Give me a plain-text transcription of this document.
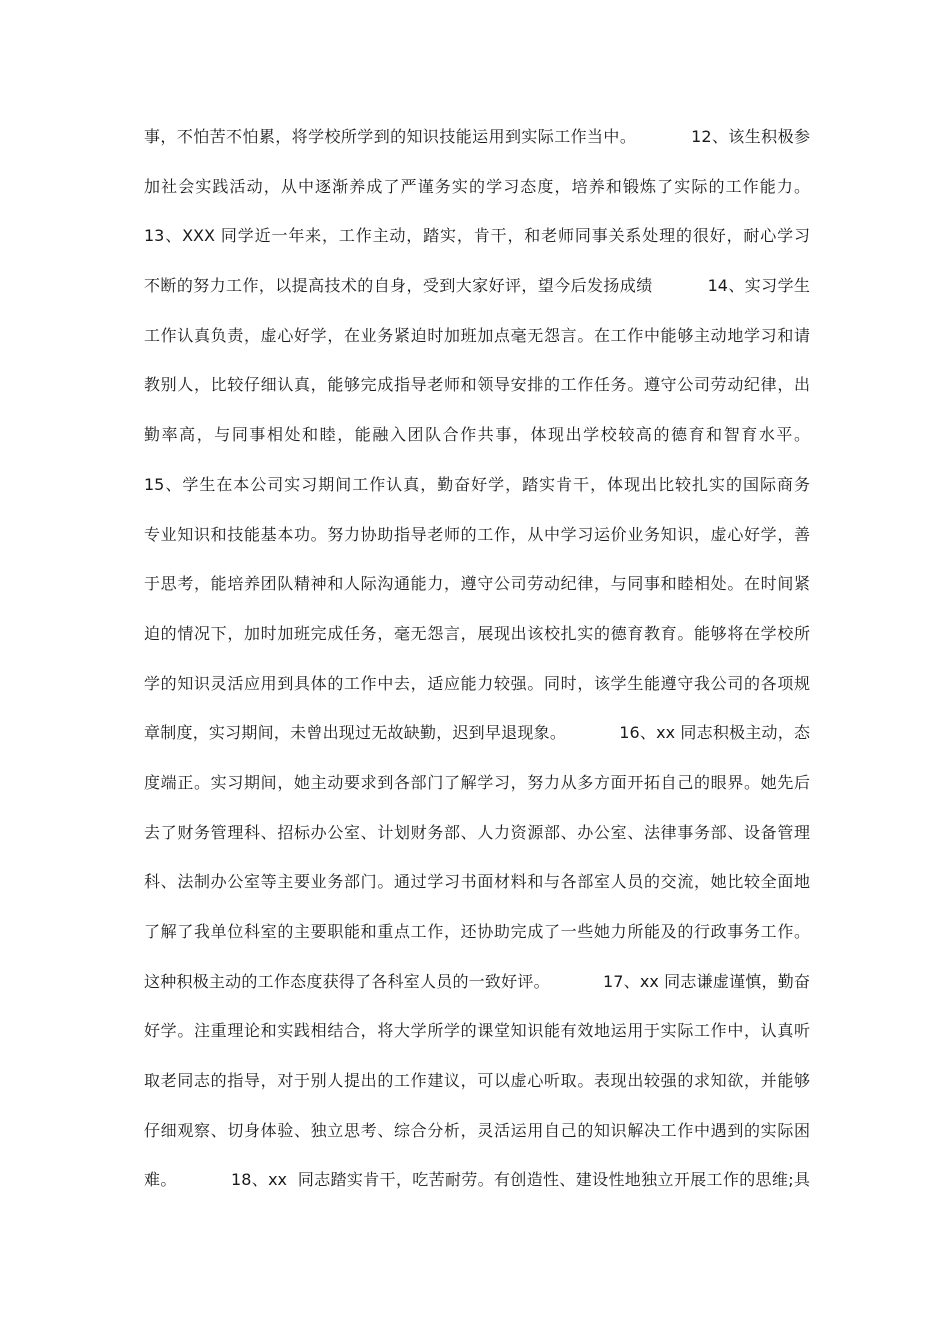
事，不怕苦不怕累，将学校所学到的知识技能运用到实际工作当中。          12、该生积极参
加社会实践活动，从中逐渐养成了严谨务实的学习态度，培养和锻炼了实际的工作能力。
13、XXX 同学近一年来，工作主动，踏实，肯干，和老师同事关系处理的很好，耐心学习
不断的努力工作，以提高技术的自身，受到大家好评，望今后发扬成绩          14、实习学生
工作认真负责，虚心好学，在业务紧迫时加班加点毫无怨言。在工作中能够主动地学习和请
教别人，比较仔细认真，能够完成指导老师和领导安排的工作任务。遵守公司劳动纪律，出
勤率高，与同事相处和睦，能融入团队合作共事，体现出学校较高的德育和智育水平。
15、学生在本公司实习期间工作认真，勤奋好学，踏实肯干，体现出比较扎实的国际商务
专业知识和技能基本功。努力协助指导老师的工作，从中学习运价业务知识，虚心好学，善
于思考，能培养团队精神和人际沟通能力，遵守公司劳动纪律，与同事和睦相处。在时间紧
迫的情况下，加时加班完成任务，毫无怨言，展现出该校扎实的德育教育。能够将在学校所
学的知识灵活应用到具体的工作中去，适应能力较强。同时，该学生能遵守我公司的各项规
章制度，实习期间，未曾出现过无故缺勤，迟到早退现象。          16、xx 同志积极主动，态
度端正。实习期间，她主动要求到各部门了解学习，努力从多方面开拓自己的眼界。她先后
去了财务管理科、招标办公室、计划财务部、人力资源部、办公室、法律事务部、设备管理
科、法制办公室等主要业务部门。通过学习书面材料和与各部室人员的交流，她比较全面地
了解了我单位科室的主要职能和重点工作，还协助完成了一些她力所能及的行政事务工作。
这种积极主动的工作态度获得了各科室人员的一致好评。          17、xx 同志谦虚谨慎，勤奋
好学。注重理论和实践相结合，将大学所学的课堂知识能有效地运用于实际工作中，认真听
取老同志的指导，对于别人提出的工作建议，可以虚心听取。表现出较强的求知欲，并能够
仔细观察、切身体验、独立思考、综合分析，灵活运用自己的知识解决工作中遇到的实际困
难。          18、xx  同志踏实肯干，吃苦耐劳。有创造性、建设性地独立开展工作的思维;具
